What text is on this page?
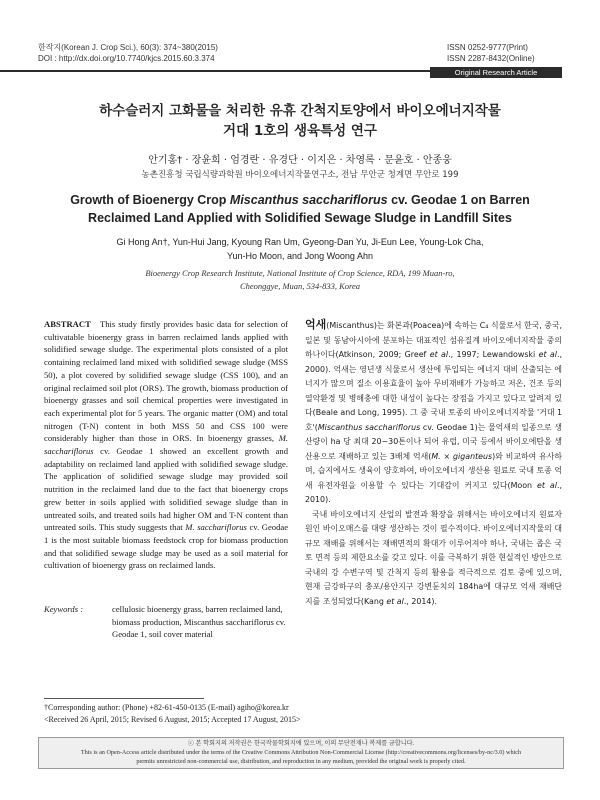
한작지(Korean J. Crop Sci.), 60(3): 374~380(2015)
DOI : http://dx.doi.org/10.7740/kjcs.2015.60.3.374
ISSN 0252-9777(Print)
ISSN 2287-8432(Online)
Original Research Article
하수슬러지 고화물을 처리한 유휴 간척지토양에서 바이오에너지작물
거대 1호의 생육특성 연구
안기홍† · 장윤희 · 엄경란 · 유경단 · 이지은 · 차영록 · 문윤호 · 안종웅
농촌진흥청 국립식량과학원 바이오에너지작물연구소, 전남 무안군 청계면 무안로 199
Growth of Bioenergy Crop Miscanthus sacchariflorus cv. Geodae 1 on Barren
Reclaimed Land Applied with Solidified Sewage Sludge in Landfill Sites
Gi Hong An†, Yun-Hui Jang, Kyoung Ran Um, Gyeong-Dan Yu, Ji-Eun Lee, Young-Lok Cha,
Yun-Ho Moon, and Jong Woong Ahn
Bioenergy Crop Research Institute, National Institute of Crop Science, RDA, 199 Muan-ro,
Cheonggye, Muan, 534-833, Korea
ABSTRACT This study firstly provides basic data for selection of cultivatable bioenergy grass in barren reclaimed lands applied with solidified sewage sludge. The experimental plots consisted of a plot containing reclaimed land mixed with solidified sewage sludge (MSS 50), a plot covered by solidified sewage sludge (CSS 100), and an original reclaimed soil plot (ORS). The growth, biomass production of bioenergy grasses and soil chemical properties were investigated in each experimental plot for 5 years. The organic matter (OM) and total nitrogen (T-N) content in both MSS 50 and CSS 100 were considerably higher than those in ORS. In bioenergy grasses, M. sacchariflorus cv. Geodae 1 showed an excellent growth and adaptability on reclaimed land applied with solidified sewage sludge. The application of solidified sewage sludge may provided soil nutrition in the reclaimed land due to the fact that bioenergy crops grew better in soils applied with solidified sewage sludge than in untreated soils, and treated soils had higher OM and T-N content than untreated soils. This study suggests that M. sacchariflorus cv. Geodae 1 is the most suitable biomass feedstock crop for biomass production and that solidified sewage sludge may be used as a soil material for cultivation of bioenergy grass on reclaimed lands.
Keywords :	cellulosic bioenergy grass, barren reclaimed land, biomass production, Miscanthus sacchariflorus cv. Geodae 1, soil cover material

억새(Miscanthus)는 화본과(Poacea)에 속하는 C₄ 식물로서 한국, 중국, 일본 및 동남아시아에 분포하는 대표적인 섬유질계 바이오에너지작물 중의 하나이다(Atkinson, 2009; Greef et al., 1997; Lewandowski et al., 2000). 억새는 영년생 식물로서 생산에 투입되는 에너지 대비 산출되는 에너지가 많으며 질소 이용효율이 높아 무비재배가 가능하고 저온, 건조 등의 열악환경 및 병해충에 대한 내성이 높다는 장점을 가지고 있다고 알려져 있다(Beale and Long, 1995). 그 중 국내 토종의 바이오에너지작물 '거대 1호'(Miscanthus sacchariflorus cv. Geodae 1)는 물억새의 일종으로 생산량이 ha 당 최대 20~30톤이나 되어 유럽, 미국 등에서 바이오에탄올 생산용으로 재배하고 있는 3배체 억새(M. × giganteus)와 비교하여 유사하며, 습지에서도 생육이 양호하여, 바이오에너지 생산용 원료로 국내 토종 억새 유전자원을 이용할 수 있다는 기대감이 커지고 있다(Moon et al., 2010).

국내 바이오에너지 산업의 발전과 확장을 위해서는 바이오에너지 원료자원인 바이오매스를 대량 생산하는 것이 필수적이다. 바이오에너지작물의 대규모 재배를 위해서는 재배면적의 확대가 이루어져야 하나, 국내는 좁은 국토 면적 등의 제한요소를 갖고 있다. 이를 극복하기 위한 현실적인 방안으로 국내의 강 수변구역 및 간척지 등의 활용을 적극적으로 검토 중에 있으며, 현재 금강하구의 충포/용안지구 강변둔치의 184ha에 대규모 억새 재배단지를 조성되었다(Kang et al., 2014).

†Corresponding author: (Phone) +82-61-450-0135 (E-mail) agiho@korea.kr
<Received 26 April, 2015; Revised 6 August, 2015; Accepted 17 August, 2015>
ⓒ 본 학회지의 저작권은 한국작물학회지에 있으며, 이의 무단전재나 복제를 금합니다.
This is an Open-Access article distributed under the terms of the Creative Commons Attribution Non-Commercial License (http://creativecommons.org/licenses/by-nc/3.0) which
permits unrestricted non-commercial use, distribution, and reproduction in any medium, provided the original work is properly cited.
